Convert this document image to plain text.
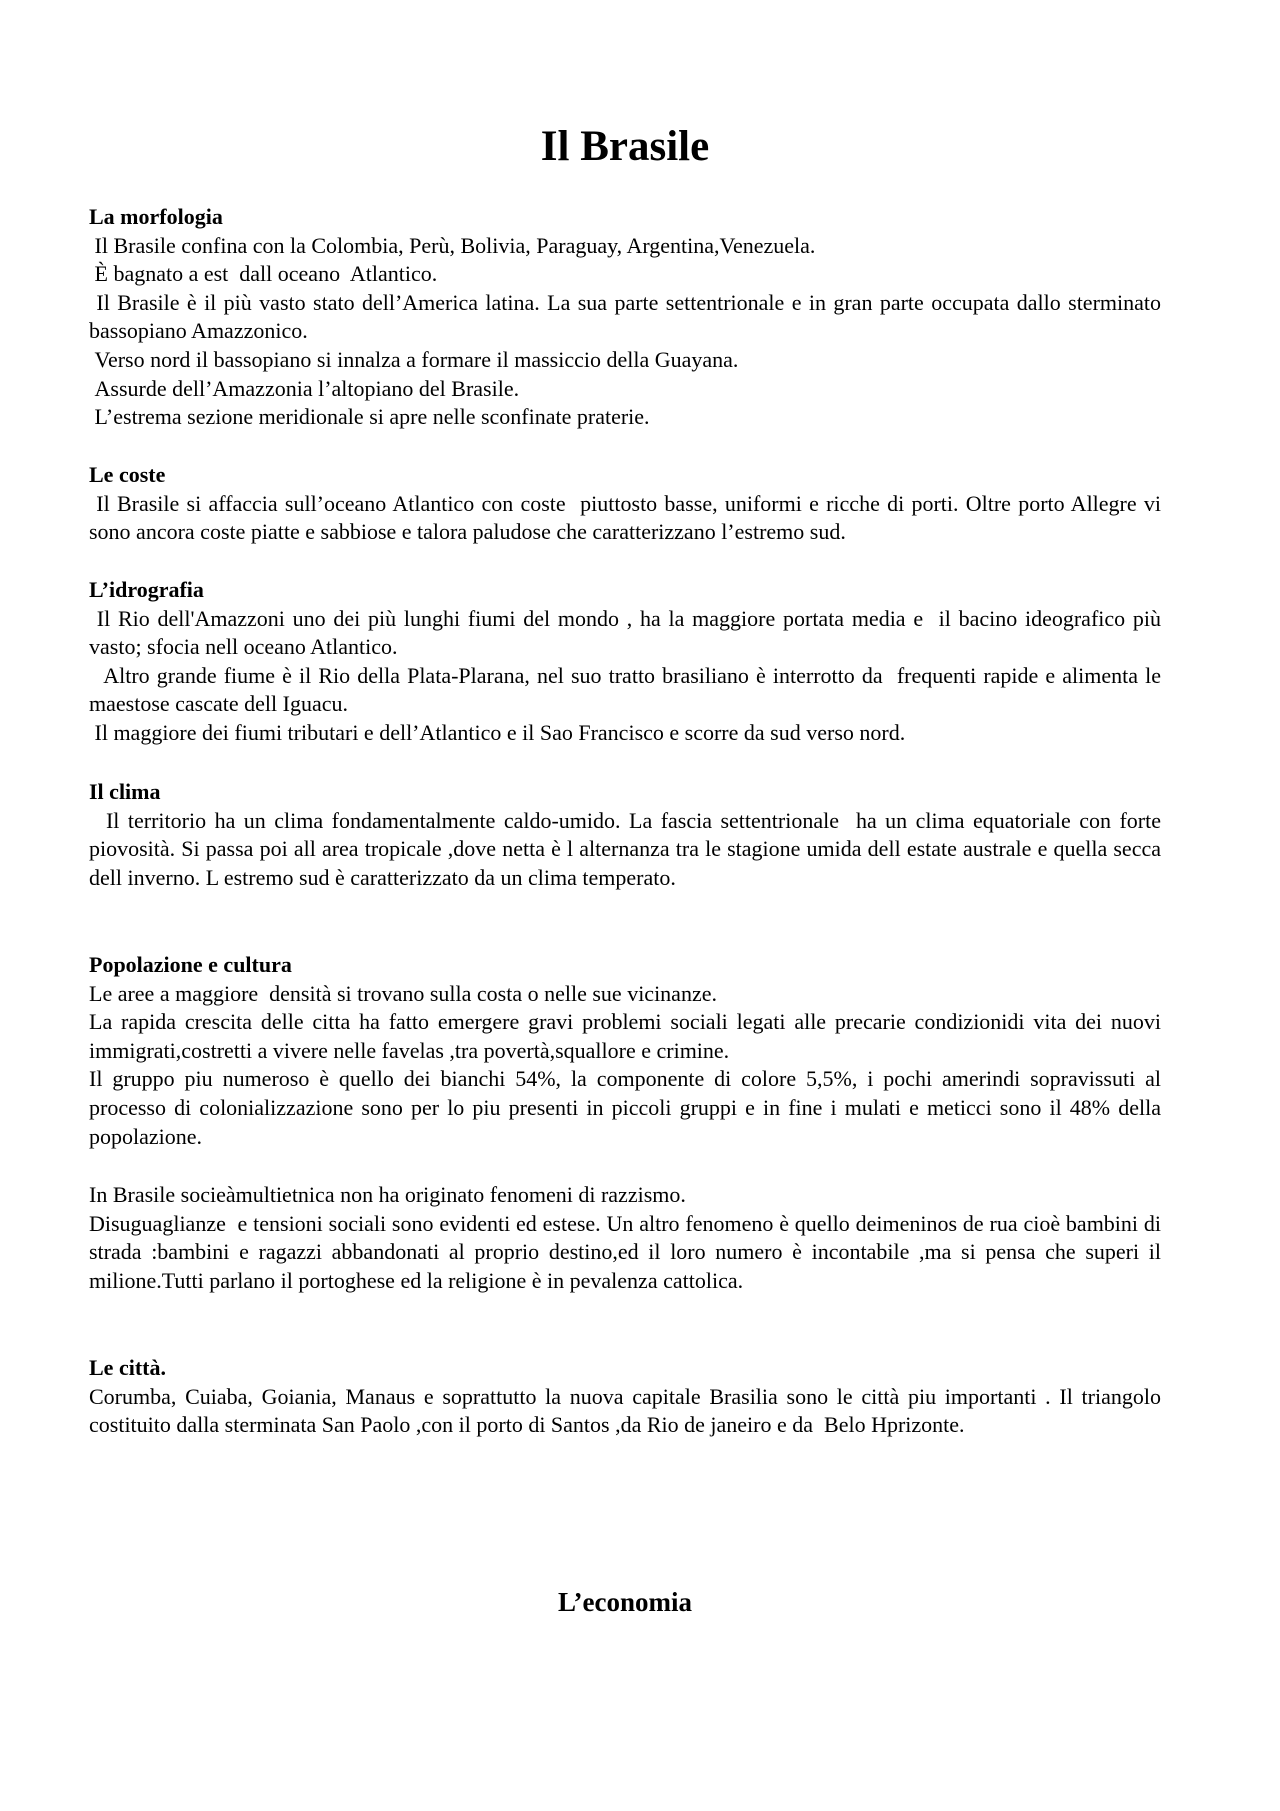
Il Brasile

La morfologia

Il Brasile confina con la Colombia, Perù, Bolivia, Paraguay, Argentina,Venezuela.

È bagnato a est  dall oceano  Atlantico.

Il Brasile è il più vasto stato dell’America latina. La sua parte settentrionale e in gran parte occupata dallo sterminato bassopiano Amazzonico.

Verso nord il bassopiano si innalza a formare il massiccio della Guayana.

Assurde dell’Amazzonia l’altopiano del Brasile.

L’estrema sezione meridionale si apre nelle sconfinate praterie.

Le coste

Il Brasile si affaccia sull’oceano Atlantico con coste  piuttosto basse, uniformi e ricche di porti. Oltre porto Allegre vi sono ancora coste piatte e sabbiose e talora paludose che caratterizzano l’estremo sud.

L’idrografia

Il Rio dell'Amazzoni uno dei più lunghi fiumi del mondo , ha la maggiore portata media e  il bacino ideografico più vasto; sfocia nell oceano Atlantico.

Altro grande fiume è il Rio della Plata-Plarana, nel suo tratto brasiliano è interrotto da  frequenti rapide e alimenta le maestose cascate dell Iguacu.

Il maggiore dei fiumi tributari e dell’Atlantico e il Sao Francisco e scorre da sud verso nord.

Il clima

Il territorio ha un clima fondamentalmente caldo-umido. La fascia settentrionale  ha un clima equatoriale con forte piovosità. Si passa poi all area tropicale ,dove netta è l alternanza tra le stagione umida dell estate australe e quella secca dell inverno. L estremo sud è caratterizzato da un clima temperato.

Popolazione e cultura

Le aree a maggiore  densità si trovano sulla costa o nelle sue vicinanze.

La rapida crescita delle citta ha fatto emergere gravi problemi sociali legati alle precarie condizionidi vita dei nuovi immigrati,costretti a vivere nelle favelas ,tra povertà,squallore e crimine.

Il gruppo piu numeroso è quello dei bianchi 54%, la componente di colore 5,5%, i pochi amerindi sopravissuti al processo di colonializzazione sono per lo piu presenti in piccoli gruppi e in fine i mulati e meticci sono il 48% della popolazione.

In Brasile socieàmultietnica non ha originato fenomeni di razzismo.

Disuguaglianze  e tensioni sociali sono evidenti ed estese. Un altro fenomeno è quello deimeninos de rua cioè bambini di strada :bambini e ragazzi abbandonati al proprio destino,ed il loro numero è incontabile ,ma si pensa che superi il milione.Tutti parlano il portoghese ed la religione è in pevalenza cattolica.

Le città.

Corumba, Cuiaba, Goiania, Manaus e soprattutto la nuova capitale Brasilia sono le città piu importanti . Il triangolo costituito dalla sterminata San Paolo ,con il porto di Santos ,da Rio de janeiro e da  Belo Hprizonte.

L’economia
